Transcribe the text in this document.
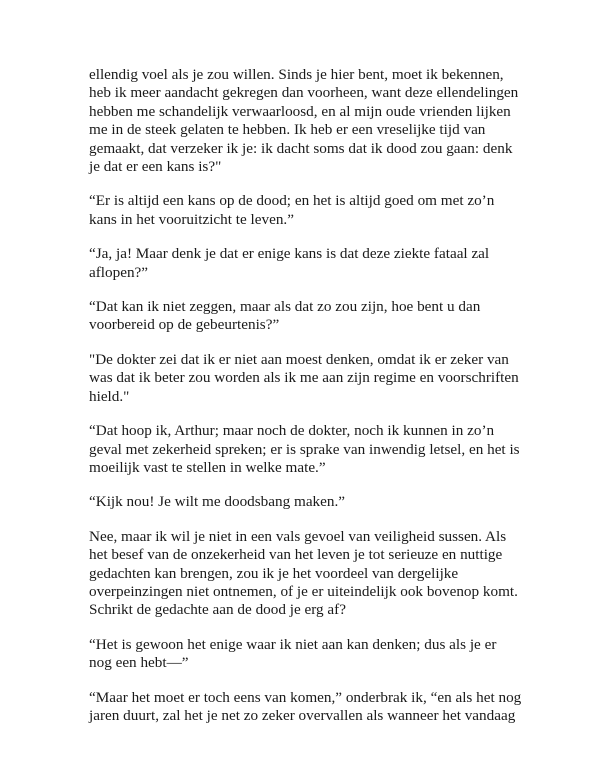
ellendig voel als je zou willen. Sinds je hier bent, moet ik bekennen,
heb ik meer aandacht gekregen dan voorheen, want deze ellendelingen
hebben me schandelijk verwaarloosd, en al mijn oude vrienden lijken
me in de steek gelaten te hebben. Ik heb er een vreselijke tijd van
gemaakt, dat verzeker ik je: ik dacht soms dat ik dood zou gaan: denk
je dat er een kans is?"
“Er is altijd een kans op de dood; en het is altijd goed om met zo’n
kans in het vooruitzicht te leven.”
“Ja, ja! Maar denk je dat er enige kans is dat deze ziekte fataal zal
aflopen?”
“Dat kan ik niet zeggen, maar als dat zo zou zijn, hoe bent u dan
voorbereid op de gebeurtenis?”
"De dokter zei dat ik er niet aan moest denken, omdat ik er zeker van
was dat ik beter zou worden als ik me aan zijn regime en voorschriften
hield."
“Dat hoop ik, Arthur; maar noch de dokter, noch ik kunnen in zo’n
geval met zekerheid spreken; er is sprake van inwendig letsel, en het is
moeilijk vast te stellen in welke mate.”
“Kijk nou! Je wilt me doodsbang maken.”
Nee, maar ik wil je niet in een vals gevoel van veiligheid sussen. Als
het besef van de onzekerheid van het leven je tot serieuze en nuttige
gedachten kan brengen, zou ik je het voordeel van dergelijke
overpeinzingen niet ontnemen, of je er uiteindelijk ook bovenop komt.
Schrikt de gedachte aan de dood je erg af?
“Het is gewoon het enige waar ik niet aan kan denken; dus als je er
nog een hebt—”
“Maar het moet er toch eens van komen,” onderbrak ik, “en als het nog
jaren duurt, zal het je net zo zeker overvallen als wanneer het vandaag
